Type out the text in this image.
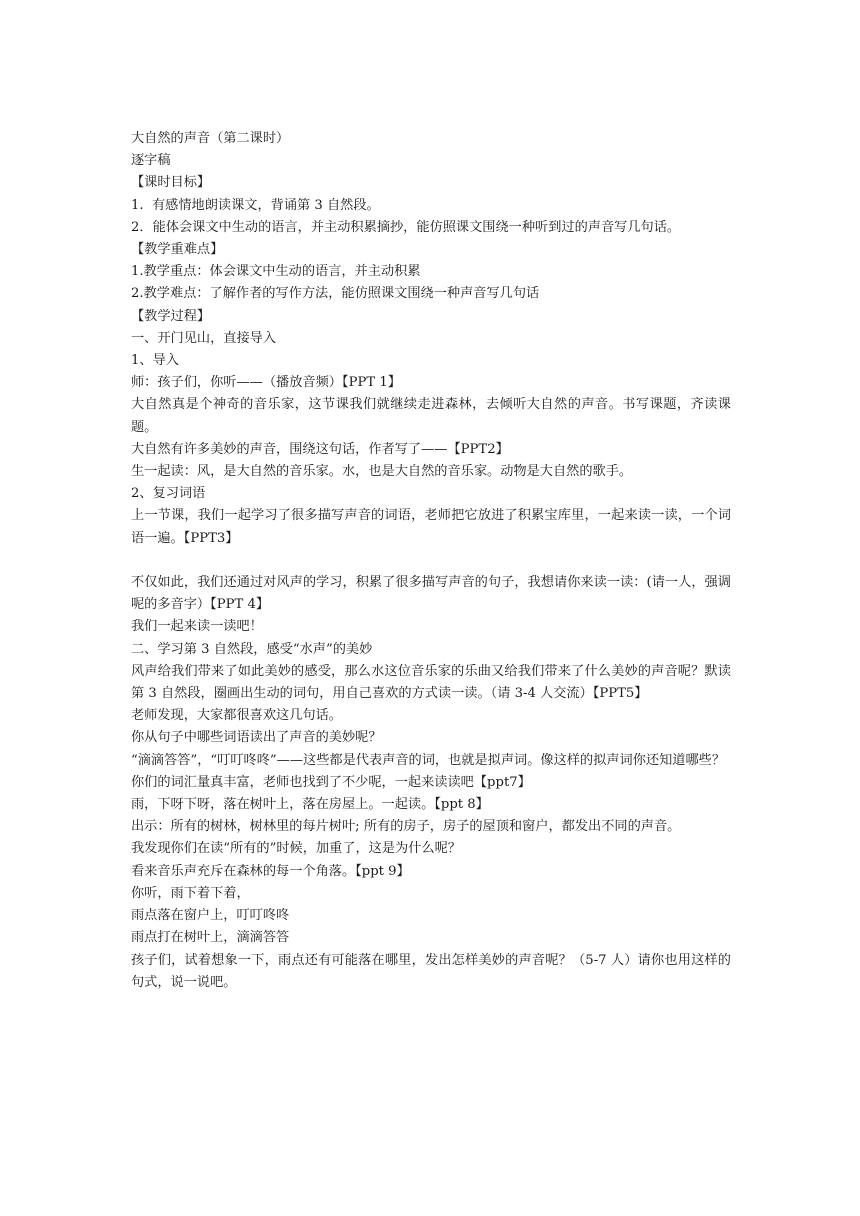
大自然的声音（第二课时）
逐字稿
【课时目标】
1.  有感情地朗读课文，背诵第 3 自然段。
2．能体会课文中生动的语言，并主动积累摘抄，能仿照课文围绕一种听到过的声音写几句话。
【教学重难点】
1.教学重点：体会课文中生动的语言，并主动积累
2.教学难点：了解作者的写作方法，能仿照课文围绕一种声音写几句话
【教学过程】
一、开门见山，直接导入
1、导入
师：孩子们，你听——（播放音频）【PPT 1】
大自然真是个神奇的音乐家，这节课我们就继续走进森林，去倾听大自然的声音。书写课题，齐读课题。
大自然有许多美妙的声音，围绕这句话，作者写了——【PPT2】
生一起读：风，是大自然的音乐家。水，也是大自然的音乐家。动物是大自然的歌手。
2、复习词语
上一节课，我们一起学习了很多描写声音的词语，老师把它放进了积累宝库里，一起来读一读，一个词语一遍。【PPT3】
不仅如此，我们还通过对风声的学习，积累了很多描写声音的句子，我想请你来读一读：(请一人，强调呢的多音字）【PPT 4】
我们一起来读一读吧！
二、学习第 3 自然段，感受“水声”的美妙
风声给我们带来了如此美妙的感受，那么水这位音乐家的乐曲又给我们带来了什么美妙的声音呢？默读第 3 自然段，圈画出生动的词句，用自己喜欢的方式读一读。（请 3-4 人交流）【PPT5】
老师发现，大家都很喜欢这几句话。
你从句子中哪些词语读出了声音的美妙呢？
“滴滴答答”，“叮叮咚咚”——这些都是代表声音的词，也就是拟声词。像这样的拟声词你还知道哪些？
你们的词汇量真丰富，老师也找到了不少呢，一起来读读吧【ppt7】
雨，下呀下呀，落在树叶上，落在房屋上。一起读。【ppt 8】
出示：所有的树林，树林里的每片树叶; 所有的房子，房子的屋顶和窗户，都发出不同的声音。
我发现你们在读“所有的”时候，加重了，这是为什么呢？
看来音乐声充斥在森林的每一个角落。【ppt 9】
你听，雨下着下着，
雨点落在窗户上，叮叮咚咚
雨点打在树叶上，滴滴答答
孩子们，试着想象一下，雨点还有可能落在哪里，发出怎样美妙的声音呢？（5-7 人）请你也用这样的句式，说一说吧。
